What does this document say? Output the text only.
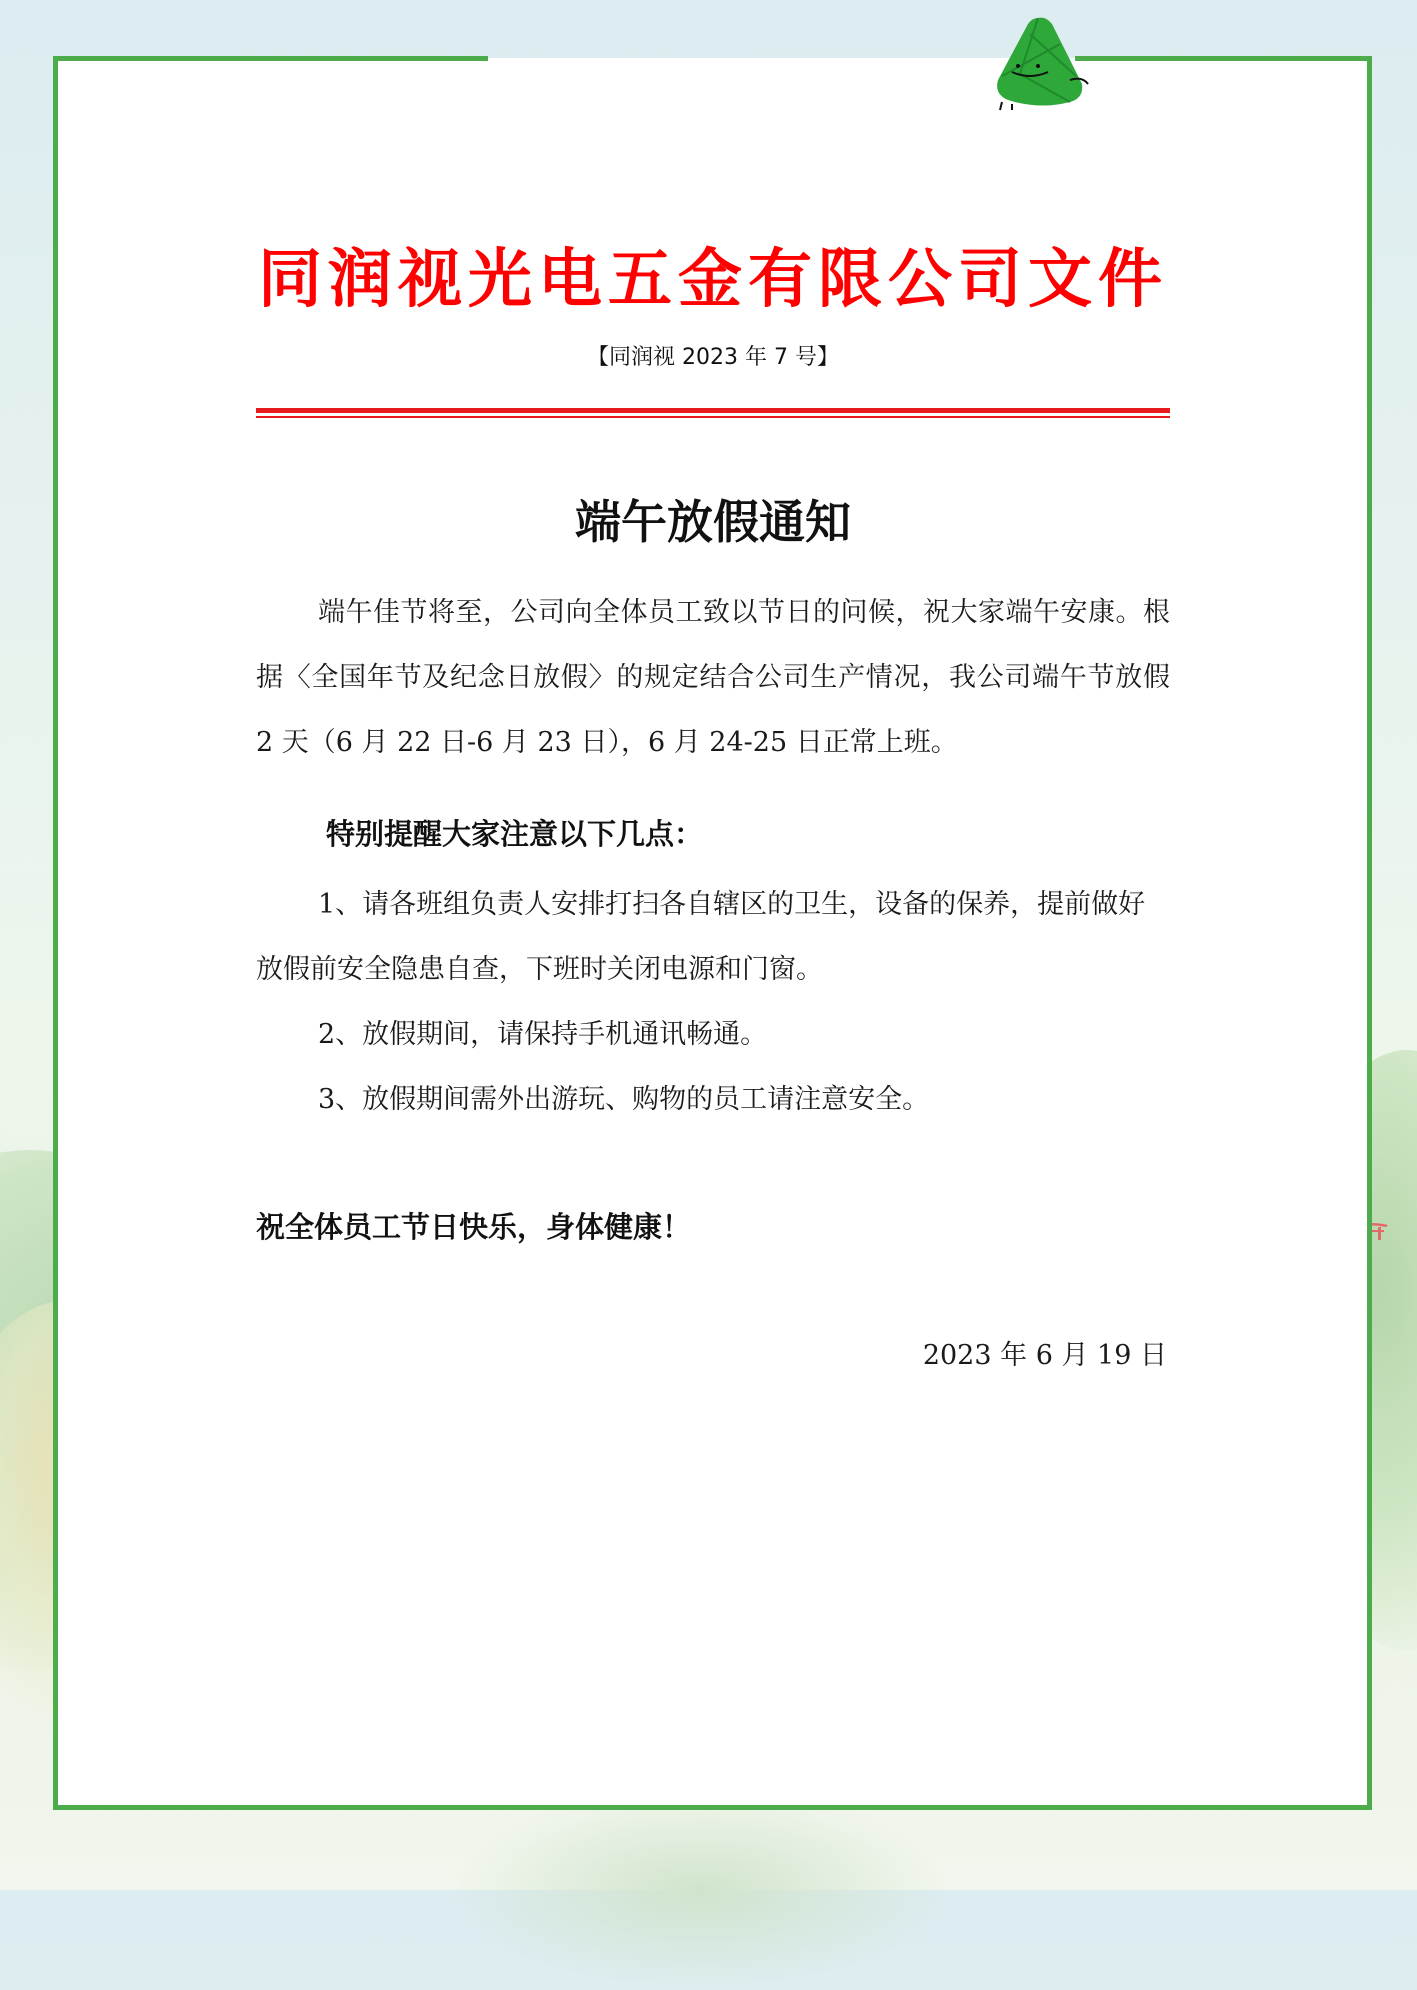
同润视光电五金有限公司文件

【同润视 2023 年 7 号】

端午放假通知

端午佳节将至，公司向全体员工致以节日的问候，祝大家端午安康。根据〈全国年节及纪念日放假〉的规定结合公司生产情况，我公司端午节放假 2 天（6 月 22 日-6 月 23 日），6 月 24-25 日正常上班。

特别提醒大家注意以下几点：

1、请各班组负责人安排打扫各自辖区的卫生，设备的保养，提前做好放假前安全隐患自查，下班时关闭电源和门窗。

2、放假期间，请保持手机通讯畅通。

3、放假期间需外出游玩、购物的员工请注意安全。

祝全体员工节日快乐，身体健康！

2023 年 6 月 19 日
